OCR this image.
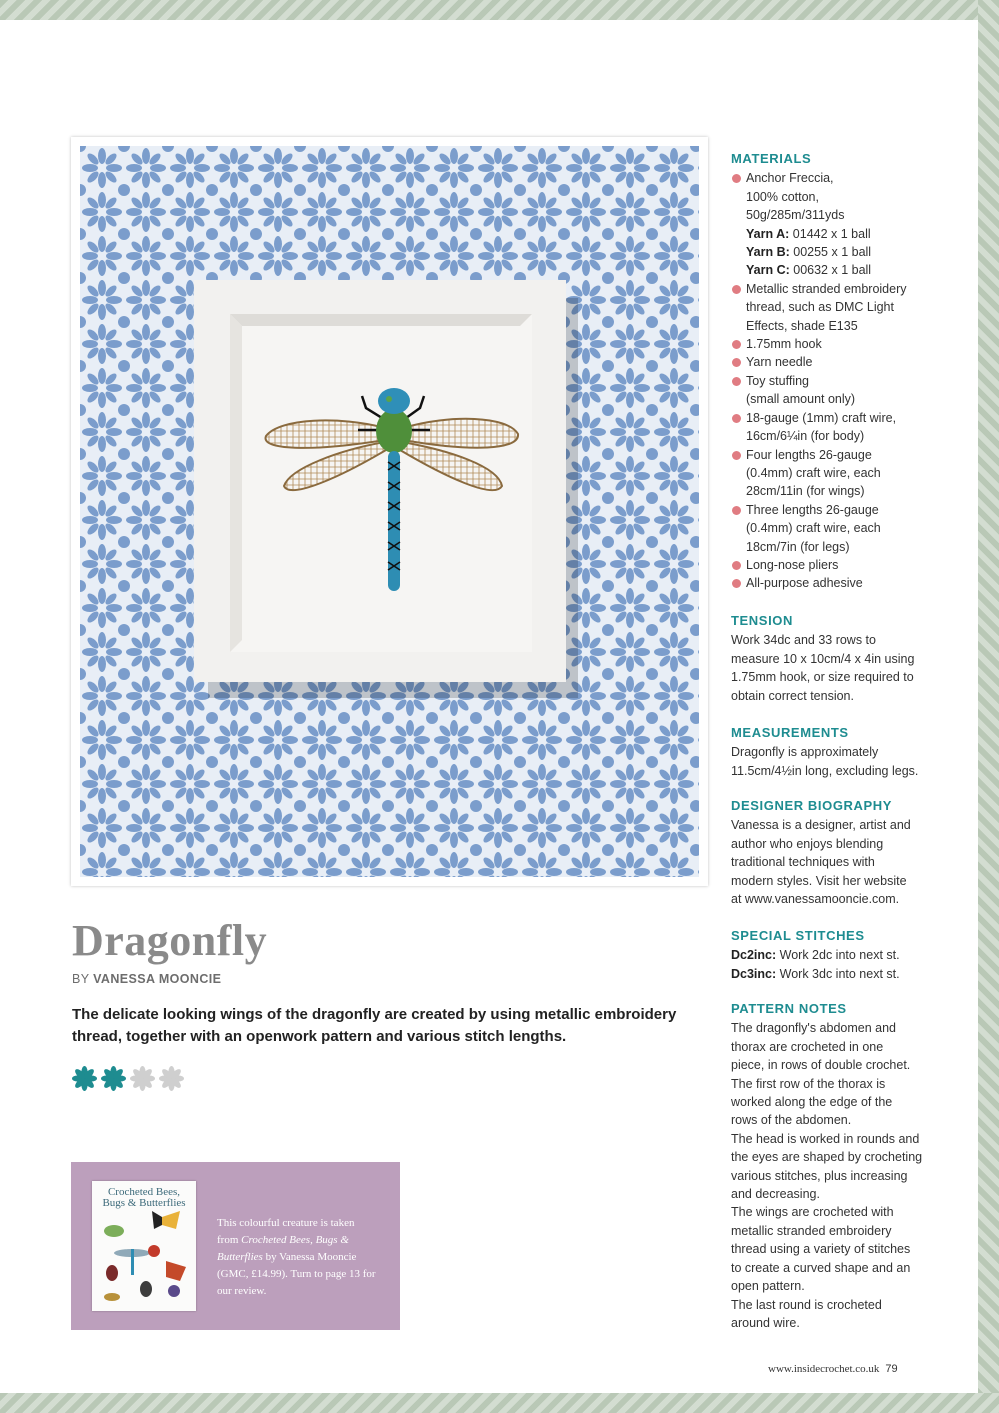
Dragonfly
BY VANESSA MOONCIE

The delicate looking wings of the dragonfly are created by using metallic embroidery thread, together with an openwork pattern and various stitch lengths.

Crocheted Bees,
Bugs & Butterflies
This colourful creature is taken from Crocheted Bees, Bugs & Butterflies by Vanessa Mooncie (GMC, £14.99). Turn to page 13 for our review.
MATERIALS
Anchor Freccia,
100% cotton,
50g/285m/311yds
Yarn A: 01442 x 1 ball
Yarn B: 00255 x 1 ball
Yarn C: 00632 x 1 ball
Metallic stranded embroidery
thread, such as DMC Light
Effects, shade E135
1.75mm hook
Yarn needle
Toy stuffing
(small amount only)
18-gauge (1mm) craft wire,
16cm/6¼in (for body)
Four lengths 26-gauge
(0.4mm) craft wire, each
28cm/11in (for wings)
Three lengths 26-gauge
(0.4mm) craft wire, each
18cm/7in (for legs)
Long-nose pliers
All-purpose adhesive
TENSION

Work 34dc and 33 rows to

measure 10 x 10cm/4 x 4in using

1.75mm hook, or size required to

obtain correct tension.

MEASUREMENTS

Dragonfly is approximately

11.5cm/4½in long, excluding legs.

DESIGNER BIOGRAPHY

Vanessa is a designer, artist and

author who enjoys blending

traditional techniques with

modern styles. Visit her website

at www.vanessamooncie.com.

SPECIAL STITCHES

Dc2inc: Work 2dc into next st.

Dc3inc: Work 3dc into next st.

PATTERN NOTES

The dragonfly's abdomen and

thorax are crocheted in one

piece, in rows of double crochet.

The first row of the thorax is

worked along the edge of the

rows of the abdomen.

The head is worked in rounds and

the eyes are shaped by crocheting

various stitches, plus increasing

and decreasing.

The wings are crocheted with

metallic stranded embroidery

thread using a variety of stitches

to create a curved shape and an

open pattern.

The last round is crocheted

around wire.

www.insidecrochet.co.uk 79
